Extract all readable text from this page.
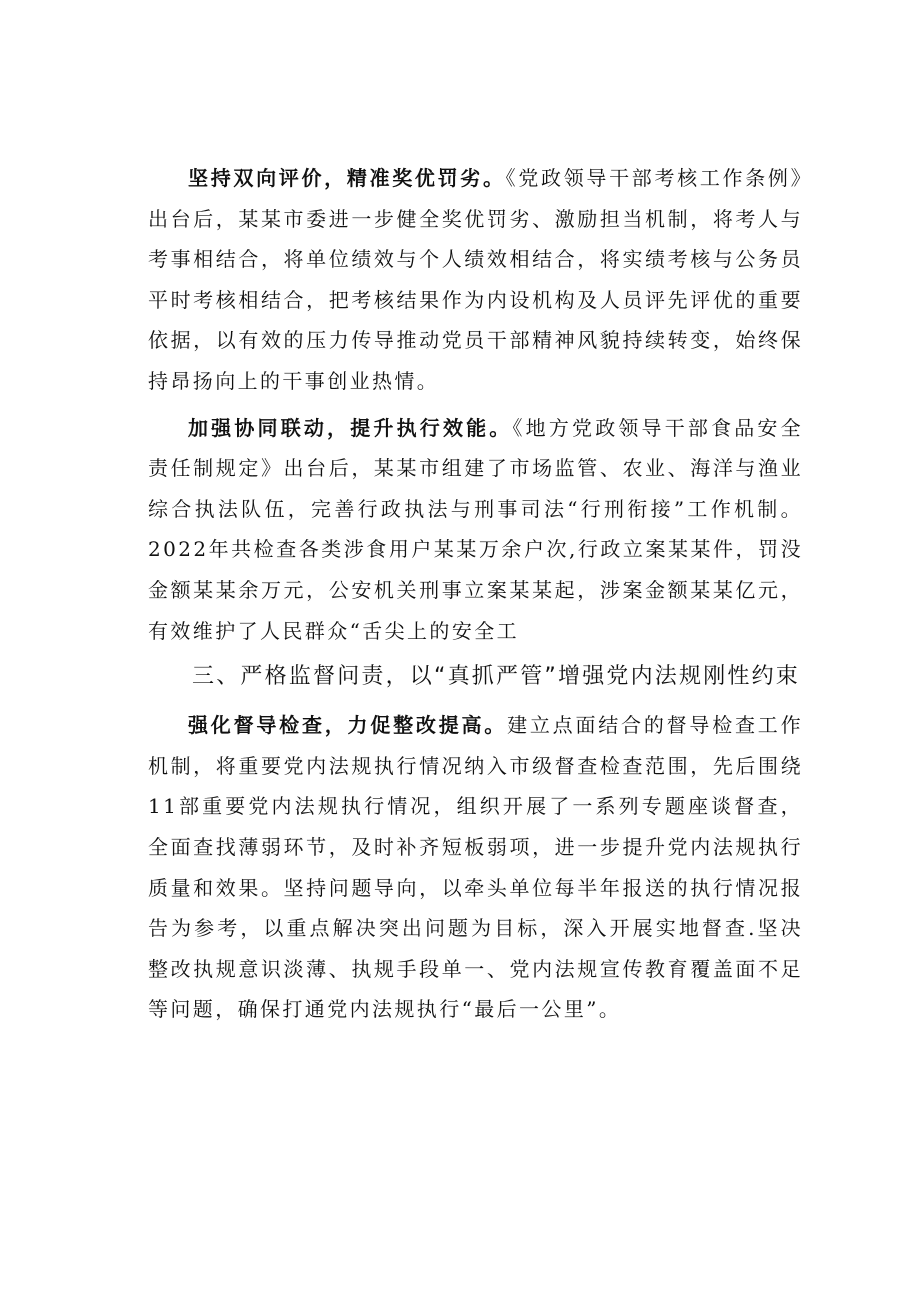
坚持双向评价，精准奖优罚劣。《党政领导干部考核工作条例》出台后，某某市委进一步健全奖优罚劣、激励担当机制，将考人与考事相结合，将单位绩效与个人绩效相结合，将实绩考核与公务员平时考核相结合，把考核结果作为内设机构及人员评先评优的重要依据，以有效的压力传导推动党员干部精神风貌持续转变，始终保持昂扬向上的干事创业热情。

加强协同联动，提升执行效能。《地方党政领导干部食品安全责任制规定》出台后，某某市组建了市场监管、农业、海洋与渔业综合执法队伍，完善行政执法与刑事司法“行刑衔接”工作机制。2022年共检查各类涉食用户某某万余户次,行政立案某某件，罚没金额某某余万元，公安机关刑事立案某某起，涉案金额某某亿元，有效维护了人民群众“舌尖上的安全工

三、严格监督问责，以“真抓严管”增强党内法规刚性约束

强化督导检查，力促整改提高。建立点面结合的督导检查工作机制，将重要党内法规执行情况纳入市级督查检查范围，先后围绕11部重要党内法规执行情况，组织开展了一系列专题座谈督查，全面查找薄弱环节，及时补齐短板弱项，进一步提升党内法规执行质量和效果。坚持问题导向，以牵头单位每半年报送的执行情况报告为参考，以重点解决突出问题为目标，深入开展实地督查.坚决整改执规意识淡薄、执规手段单一、党内法规宣传教育覆盖面不足等问题，确保打通党内法规执行“最后一公里”。
